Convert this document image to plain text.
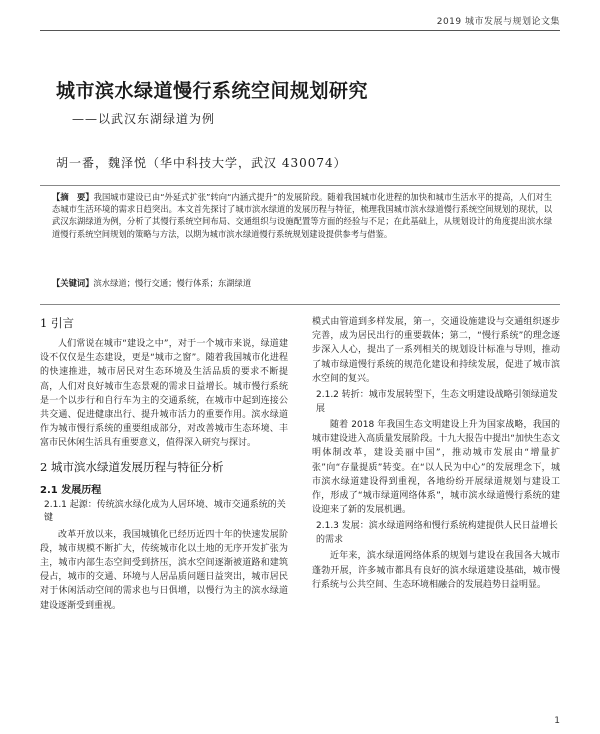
2019 城市发展与规划论文集
城市滨水绿道慢行系统空间规划研究
——以武汉东湖绿道为例
胡一番，魏泽悦（华中科技大学，武汉 430074）

【摘　要】我国城市建设已由“外延式扩张”转向“内涵式提升”的发展阶段。随着我国城市化进程的加快和城市生活水平的提高，人们对生态城市生活环境的需求日趋突出。本文首先探讨了城市滨水绿道的发展历程与特征，梳理我国城市滨水绿道慢行系统空间规划的现状，以武汉东湖绿道为例，分析了其慢行系统空间布局、交通组织与设施配置等方面的经验与不足；在此基础上，从规划设计的角度提出滨水绿道慢行系统空间规划的策略与方法，以期为城市滨水绿道慢行系统规划建设提供参考与借鉴。

【关键词】滨水绿道；慢行交通；慢行体系；东湖绿道

1 引言

人们常说在城市“建设之中”，对于一个城市来说，绿道建设不仅仅是生态建设，更是“城市之窗”。随着我国城市化进程的快速推进，城市居民对生态环境及生活品质的要求不断提高，人们对良好城市生态景观的需求日益增长。城市慢行系统是一个以步行和自行车为主的交通系统，在城市中起到连接公共交通、促进健康出行、提升城市活力的重要作用。滨水绿道作为城市慢行系统的重要组成部分，对改善城市生态环境、丰富市民休闲生活具有重要意义，值得深入研究与探讨。

2 城市滨水绿道发展历程与特征分析
2.1 发展历程
2.1.1 起源：传统滨水绿化成为人居环境、城市交通系统的关键

改革开放以来，我国城镇化已经历近四十年的快速发展阶段，城市规模不断扩大，传统城市化以土地的无序开发扩张为主，城市内部生态空间受到挤压，滨水空间逐渐被道路和建筑侵占，城市的交通、环境与人居品质问题日益突出，城市居民对于休闲活动空间的需求也与日俱增，以慢行为主的滨水绿道建设逐渐受到重视。

模式由管道到多样发展，第一，交通设施建设与交通组织逐步完善，成为居民出行的重要载体；第二，“慢行系统”的理念逐步深入人心，提出了一系列相关的规划设计标准与导则，推动了城市绿道慢行系统的规范化建设和持续发展，促进了城市滨水空间的复兴。

2.1.2 转折：城市发展转型下，生态文明建设战略引领绿道发展

随着 2018 年我国生态文明建设上升为国家战略，我国的城市建设进入高质量发展阶段。十九大报告中提出“加快生态文明体制改革，建设美丽中国”，推动城市发展由“增量扩张”向“存量提质”转变。在“以人民为中心”的发展理念下，城市滨水绿道建设得到重视，各地纷纷开展绿道规划与建设工作，形成了“城市绿道网络体系”，城市滨水绿道慢行系统的建设迎来了新的发展机遇。

2.1.3 发展：滨水绿道网络和慢行系统构建提供人民日益增长的需求

近年来，滨水绿道网络体系的规划与建设在我国各大城市蓬勃开展，许多城市都具有良好的滨水绿道建设基础，城市慢行系统与公共空间、生态环境相融合的发展趋势日益明显。

1
